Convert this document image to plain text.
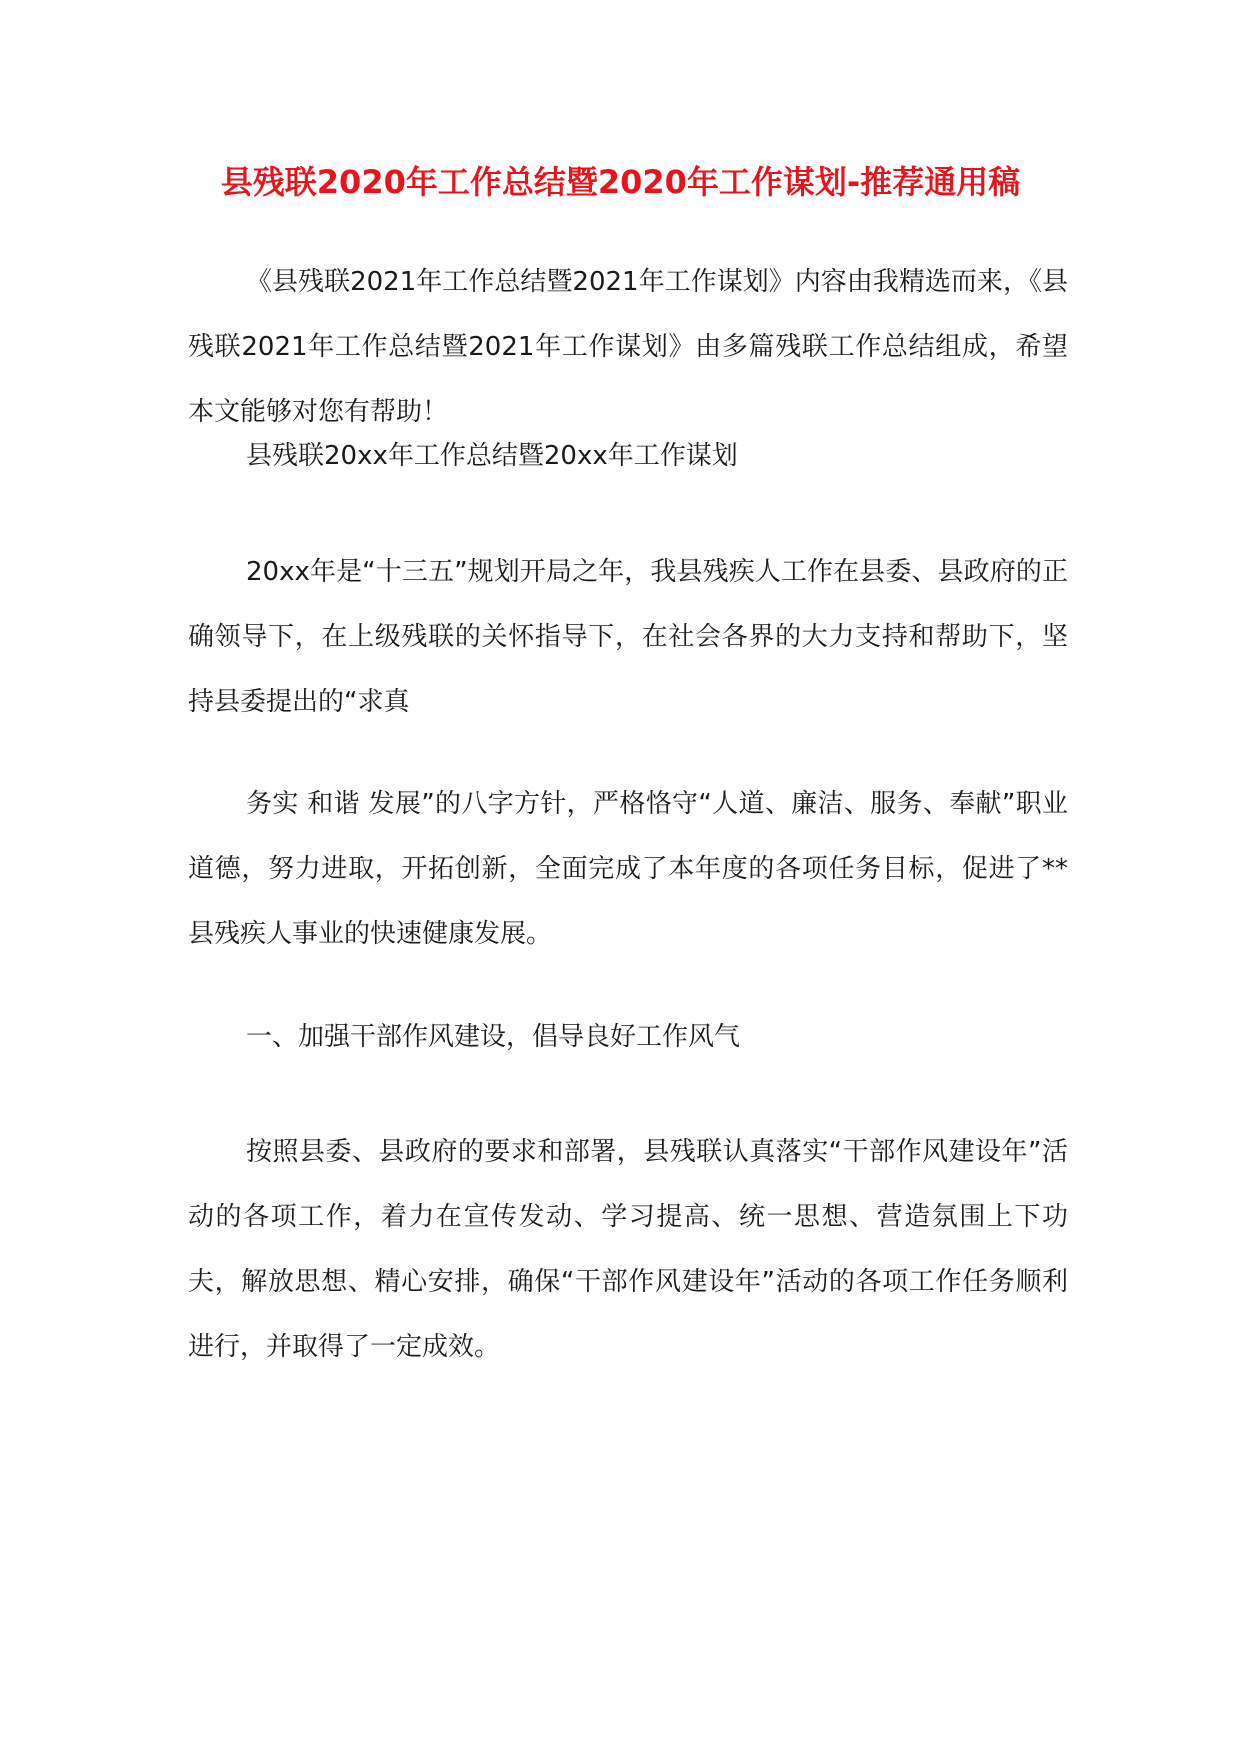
县残联2020年工作总结暨2020年工作谋划-推荐通用稿
《县残联2021年工作总结暨2021年工作谋划》内容由我精选而来，《县残联2021年工作总结暨2021年工作谋划》由多篇残联工作总结组成，希望本文能够对您有帮助！
县残联20xx年工作总结暨20xx年工作谋划
20xx年是“十三五”规划开局之年，我县残疾人工作在县委、县政府的正确领导下，在上级残联的关怀指导下，在社会各界的大力支持和帮助下，坚持县委提出的“求真
务实 和谐 发展”的八字方针，严格恪守“人道、廉洁、服务、奉献”职业道德，努力进取，开拓创新，全面完成了本年度的各项任务目标，促进了**县残疾人事业的快速健康发展。
一、加强干部作风建设，倡导良好工作风气
按照县委、县政府的要求和部署，县残联认真落实“干部作风建设年”活动的各项工作，着力在宣传发动、学习提高、统一思想、营造氛围上下功夫，解放思想、精心安排，确保“干部作风建设年”活动的各项工作任务顺利进行，并取得了一定成效。
